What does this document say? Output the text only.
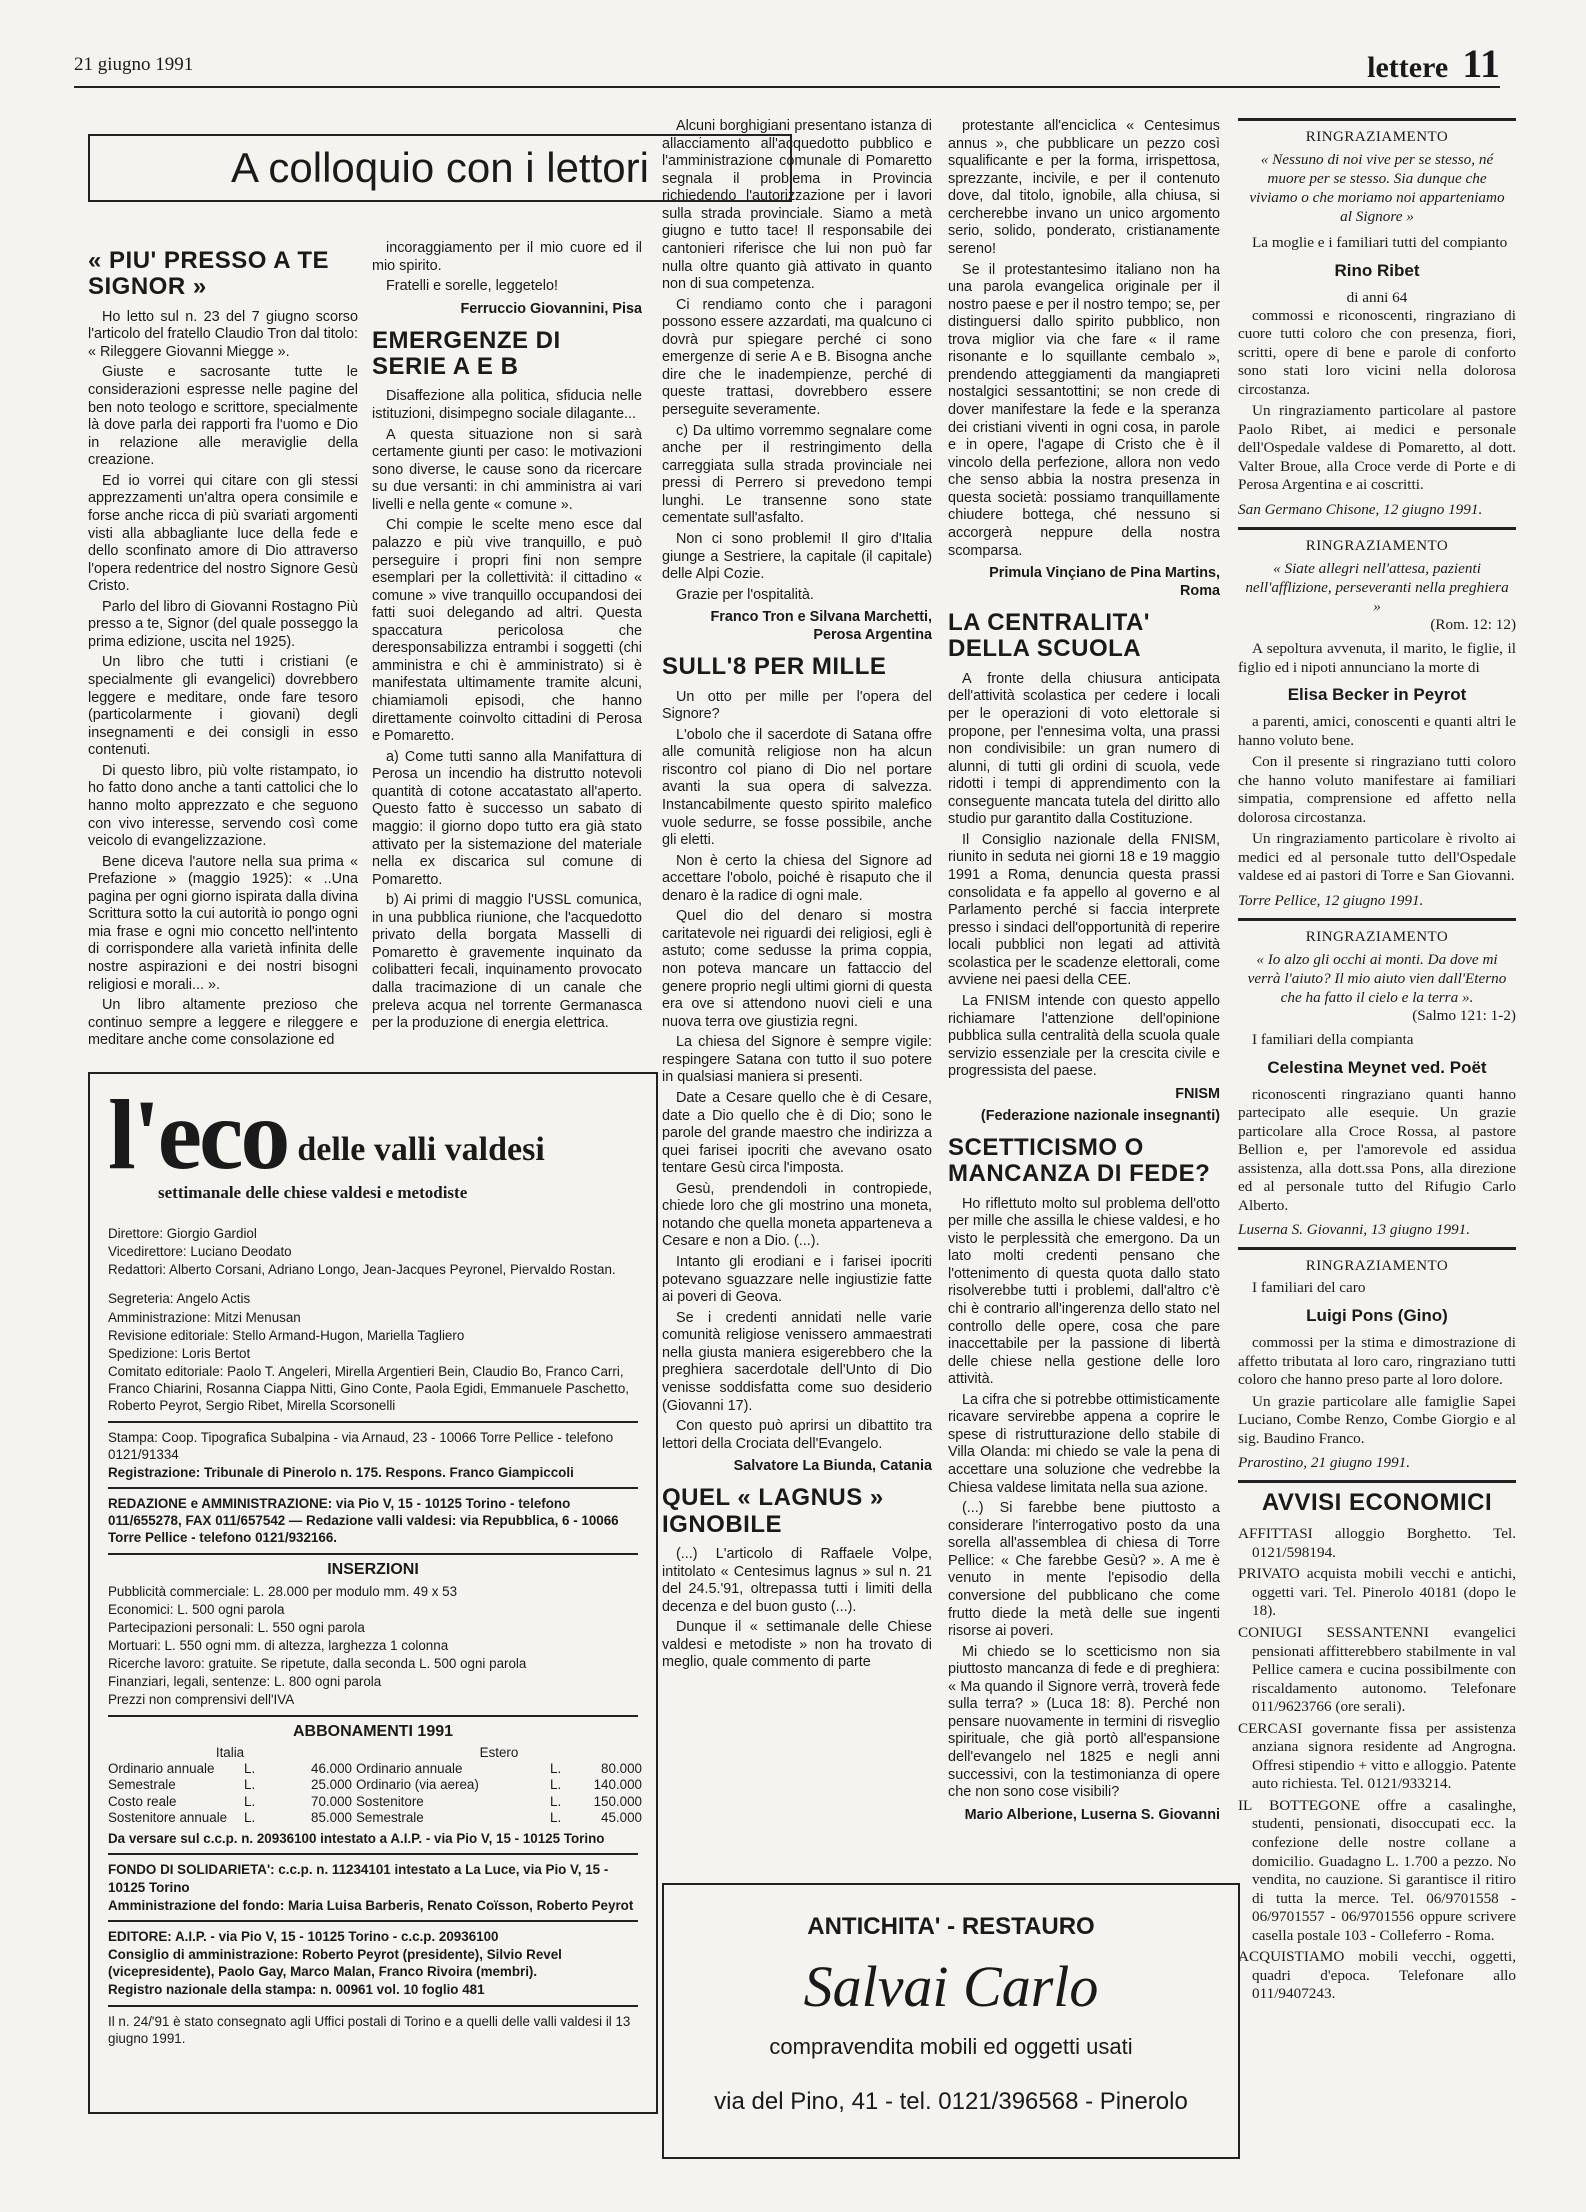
21 giugno 1991	lettere 11
A colloquio con i lettori
« PIU' PRESSO A TE SIGNOR »

Ho letto sul n. 23 del 7 giugno scorso l'articolo del fratello Claudio Tron dal titolo: « Rileggere Giovanni Miegge ».

Giuste e sacrosante tutte le considerazioni espresse nelle pagine del ben noto teologo e scrittore, specialmente là dove parla dei rapporti fra l'uomo e Dio in relazione alle meraviglie della creazione.

Ed io vorrei qui citare con gli stessi apprezzamenti un'altra opera consimile e forse anche ricca di più svariati argomenti visti alla abbagliante luce della fede e dello sconfinato amore di Dio attraverso l'opera redentrice del nostro Signore Gesù Cristo.

Parlo del libro di Giovanni Rostagno Più presso a te, Signor (del quale posseggo la prima edizione, uscita nel 1925).

Un libro che tutti i cristiani (e specialmente gli evangelici) dovrebbero leggere e meditare, onde fare tesoro (particolarmente i giovani) degli insegnamenti e dei consigli in esso contenuti.

Di questo libro, più volte ristampato, io ho fatto dono anche a tanti cattolici che lo hanno molto apprezzato e che seguono con vivo interesse, servendo così come veicolo di evangelizzazione.

Bene diceva l'autore nella sua prima « Prefazione » (maggio 1925): « ..Una pagina per ogni giorno ispirata dalla divina Scrittura sotto la cui autorità io pongo ogni mia frase e ogni mio concetto nell'intento di corrispondere alla varietà infinita delle nostre aspirazioni e dei nostri bisogni religiosi e morali... ».

Un libro altamente prezioso che continuo sempre a leggere e rileggere e meditare anche come consolazione ed

incoraggiamento per il mio cuore ed il mio spirito.

Fratelli e sorelle, leggetelo!

Ferruccio Giovannini, Pisa
EMERGENZE DI SERIE A E B

Disaffezione alla politica, sfiducia nelle istituzioni, disimpegno sociale dilagante...

A questa situazione non si sarà certamente giunti per caso: le motivazioni sono diverse, le cause sono da ricercare su due versanti: in chi amministra ai vari livelli e nella gente « comune ».

Chi compie le scelte meno esce dal palazzo e più vive tranquillo, e può perseguire i propri fini non sempre esemplari per la collettività: il cittadino « comune » vive tranquillo occupandosi dei fatti suoi delegando ad altri. Questa spaccatura pericolosa che deresponsabilizza entrambi i soggetti (chi amministra e chi è amministrato) si è manifestata ultimamente tramite alcuni, chiamiamoli episodi, che hanno direttamente coinvolto cittadini di Perosa e Pomaretto.

a) Come tutti sanno alla Manifattura di Perosa un incendio ha distrutto notevoli quantità di cotone accatastato all'aperto. Questo fatto è successo un sabato di maggio: il giorno dopo tutto era già stato attivato per la sistemazione del materiale nella ex discarica sul comune di Pomaretto.

b) Ai primi di maggio l'USSL comunica, in una pubblica riunione, che l'acquedotto privato della borgata Masselli di Pomaretto è gravemente inquinato da colibatteri fecali, inquinamento provocato dalla tracimazione di un canale che preleva acqua nel torrente Germanasca per la produzione di energia elettrica.

Alcuni borghigiani presentano istanza di allacciamento all'acquedotto pubblico e l'amministrazione comunale di Pomaretto segnala il problema in Provincia richiedendo l'autorizzazione per i lavori sulla strada provinciale. Siamo a metà giugno e tutto tace! Il responsabile dei cantonieri riferisce che lui non può far nulla oltre quanto già attivato in quanto non di sua competenza.

Ci rendiamo conto che i paragoni possono essere azzardati, ma qualcuno ci dovrà pur spiegare perché ci sono emergenze di serie A e B. Bisogna anche dire che le inadempienze, perché di queste trattasi, dovrebbero essere perseguite severamente.

c) Da ultimo vorremmo segnalare come anche per il restringimento della carreggiata sulla strada provinciale nei pressi di Perrero si prevedono tempi lunghi. Le transenne sono state cementate sull'asfalto.

Non ci sono problemi! Il giro d'Italia giunge a Sestriere, la capitale (il capitale) delle Alpi Cozie.

Grazie per l'ospitalità.

Franco Tron e Silvana Marchetti, Perosa Argentina
SULL'8 PER MILLE

Un otto per mille per l'opera del Signore?

L'obolo che il sacerdote di Satana offre alle comunità religiose non ha alcun riscontro col piano di Dio nel portare avanti la sua opera di salvezza. Instancabilmente questo spirito malefico vuole sedurre, se fosse possibile, anche gli eletti.

Non è certo la chiesa del Signore ad accettare l'obolo, poiché è risaputo che il denaro è la radice di ogni male.

Quel dio del denaro si mostra caritatevole nei riguardi dei religiosi, egli è astuto; come sedusse la prima coppia, non poteva mancare un fattaccio del genere proprio negli ultimi giorni di questa era ove si attendono nuovi cieli e una nuova terra ove giustizia regni.

La chiesa del Signore è sempre vigile: respingere Satana con tutto il suo potere in qualsiasi maniera si presenti.

Date a Cesare quello che è di Cesare, date a Dio quello che è di Dio; sono le parole del grande maestro che indirizza a quei farisei ipocriti che avevano osato tentare Gesù circa l'imposta.

Gesù, prendendoli in contropiede, chiede loro che gli mostrino una moneta, notando che quella moneta apparteneva a Cesare e non a Dio. (...).

Intanto gli erodiani e i farisei ipocriti potevano sguazzare nelle ingiustizie fatte ai poveri di Geova.

Se i credenti annidati nelle varie comunità religiose venissero ammaestrati nella giusta maniera esigerebbero che la preghiera sacerdotale dell'Unto di Dio venisse soddisfatta come suo desiderio (Giovanni 17).

Con questo può aprirsi un dibattito tra lettori della Crociata dell'Evangelo.

Salvatore La Biunda, Catania
QUEL « LAGNUS » IGNOBILE

(...) L'articolo di Raffaele Volpe, intitolato « Centesimus lagnus » sul n. 21 del 24.5.'91, oltrepassa tutti i limiti della decenza e del buon gusto (...).

Dunque il « settimanale delle Chiese valdesi e metodiste » non ha trovato di meglio, quale commento di parte

protestante all'enciclica « Centesimus annus », che pubblicare un pezzo così squalificante e per la forma, irrispettosa, sprezzante, incivile, e per il contenuto dove, dal titolo, ignobile, alla chiusa, si cercherebbe invano un unico argomento serio, solido, ponderato, cristianamente sereno!

Se il protestantesimo italiano non ha una parola evangelica originale per il nostro paese e per il nostro tempo; se, per distinguersi dallo spirito pubblico, non trova miglior via che fare « il rame risonante e lo squillante cembalo », prendendo atteggiamenti da mangiapreti nostalgici sessantottini; se non crede di dover manifestare la fede e la speranza dei cristiani viventi in ogni cosa, in parole e in opere, l'agape di Cristo che è il vincolo della perfezione, allora non vedo che senso abbia la nostra presenza in questa società: possiamo tranquillamente chiudere bottega, ché nessuno si accorgerà neppure della nostra scomparsa.

Primula Vinçiano de Pina Martins, Roma
LA CENTRALITA' DELLA SCUOLA

A fronte della chiusura anticipata dell'attività scolastica per cedere i locali per le operazioni di voto elettorale si propone, per l'ennesima volta, una prassi non condivisibile: un gran numero di alunni, di tutti gli ordini di scuola, vede ridotti i tempi di apprendimento con la conseguente mancata tutela del diritto allo studio pur garantito dalla Costituzione.

Il Consiglio nazionale della FNISM, riunito in seduta nei giorni 18 e 19 maggio 1991 a Roma, denuncia questa prassi consolidata e fa appello al governo e al Parlamento perché si faccia interprete presso i sindaci dell'opportunità di reperire locali pubblici non legati ad attività scolastica per le scadenze elettorali, come avviene nei paesi della CEE.

La FNISM intende con questo appello richiamare l'attenzione dell'opinione pubblica sulla centralità della scuola quale servizio essenziale per la crescita civile e progressista del paese.

FNISM
(Federazione nazionale insegnanti)
SCETTICISMO O MANCANZA DI FEDE?

Ho riflettuto molto sul problema dell'otto per mille che assilla le chiese valdesi, e ho visto le perplessità che emergono. Da un lato molti credenti pensano che l'ottenimento di questa quota dallo stato risolverebbe tutti i problemi, dall'altro c'è chi è contrario all'ingerenza dello stato nel controllo delle opere, cosa che pare inaccettabile per la passione di libertà delle chiese nella gestione delle loro attività.

La cifra che si potrebbe ottimisticamente ricavare servirebbe appena a coprire le spese di ristrutturazione dello stabile di Villa Olanda: mi chiedo se vale la pena di accettare una soluzione che vedrebbe la Chiesa valdese limitata nella sua azione.

(...) Si farebbe bene piuttosto a considerare l'interrogativo posto da una sorella all'assemblea di chiesa di Torre Pellice: « Che farebbe Gesù? ». A me è venuto in mente l'episodio della conversione del pubblicano che come frutto diede la metà delle sue ingenti risorse ai poveri.

Mi chiedo se lo scetticismo non sia piuttosto mancanza di fede e di preghiera: « Ma quando il Signore verrà, troverà fede sulla terra? » (Luca 18: 8). Perché non pensare nuovamente in termini di risveglio spirituale, che già portò all'espansione dell'evangelo nel 1825 e negli anni successivi, con la testimonianza di opere che non sono cose visibili?

Mario Alberione, Luserna S. Giovanni
RINGRAZIAMENTO
« Nessuno di noi vive per se stesso, né muore per se stesso. Sia dunque che viviamo o che moriamo noi apparteniamo al Signore »

La moglie e i familiari tutti del compianto

Rino Ribet
di anni 64

commossi e riconoscenti, ringraziano di cuore tutti coloro che con presenza, fiori, scritti, opere di bene e parole di conforto sono stati loro vicini nella dolorosa circostanza.

Un ringraziamento particolare al pastore Paolo Ribet, ai medici e personale dell'Ospedale valdese di Pomaretto, al dott. Valter Broue, alla Croce verde di Porte e di Perosa Argentina e ai coscritti.

San Germano Chisone, 12 giugno 1991.
RINGRAZIAMENTO
« Siate allegri nell'attesa, pazienti nell'afflizione, perseveranti nella preghiera »
(Rom. 12: 12)

A sepoltura avvenuta, il marito, le figlie, il figlio ed i nipoti annunciano la morte di

Elisa Becker in Peyrot

a parenti, amici, conoscenti e quanti altri le hanno voluto bene.

Con il presente si ringraziano tutti coloro che hanno voluto manifestare ai familiari simpatia, comprensione ed affetto nella dolorosa circostanza.

Un ringraziamento particolare è rivolto ai medici ed al personale tutto dell'Ospedale valdese ed ai pastori di Torre e San Giovanni.

Torre Pellice, 12 giugno 1991.
RINGRAZIAMENTO
« Io alzo gli occhi ai monti. Da dove mi verrà l'aiuto? Il mio aiuto vien dall'Eterno che ha fatto il cielo e la terra ».
(Salmo 121: 1-2)

I familiari della compianta

Celestina Meynet ved. Poët

riconoscenti ringraziano quanti hanno partecipato alle esequie. Un grazie particolare alla Croce Rossa, al pastore Bellion e, per l'amorevole ed assidua assistenza, alla dott.ssa Pons, alla direzione ed al personale tutto del Rifugio Carlo Alberto.

Luserna S. Giovanni, 13 giugno 1991.
RINGRAZIAMENTO

I familiari del caro

Luigi Pons (Gino)

commossi per la stima e dimostrazione di affetto tributata al loro caro, ringraziano tutti coloro che hanno preso parte al loro dolore.

Un grazie particolare alle famiglie Sapei Luciano, Combe Renzo, Combe Giorgio e al sig. Baudino Franco.

Prarostino, 21 giugno 1991.
AVVISI ECONOMICI

AFFITTASI alloggio Borghetto. Tel. 0121/598194.

PRIVATO acquista mobili vecchi e antichi, oggetti vari. Tel. Pinerolo 40181 (dopo le 18).

CONIUGI SESSANTENNI evangelici pensionati affitterebbero stabilmente in val Pellice camera e cucina possibilmente con riscaldamento autonomo. Telefonare 011/9623766 (ore serali).

CERCASI governante fissa per assistenza anziana signora residente ad Angrogna. Offresi stipendio + vitto e alloggio. Patente auto richiesta. Tel. 0121/933214.

IL BOTTEGONE offre a casalinghe, studenti, pensionati, disoccupati ecc. la confezione delle nostre collane a domicilio. Guadagno L. 1.700 a pezzo. No vendita, no cauzione. Si garantisce il ritiro di tutta la merce. Tel. 06/9701558 - 06/9701557 - 06/9701556 oppure scrivere casella postale 103 - Colleferro - Roma.

ACQUISTIAMO mobili vecchi, oggetti, quadri d'epoca. Telefonare allo 011/9407243.

l'eco delle valli valdesi
settimanale delle chiese valdesi e metodiste
Direttore: Giorgio Gardiol
Vicedirettore: Luciano Deodato
Redattori: Alberto Corsani, Adriano Longo, Jean-Jacques Peyronel, Piervaldo Rostan.
Segreteria: Angelo Actis
Amministrazione: Mitzi Menusan
Revisione editoriale: Stello Armand-Hugon, Mariella Tagliero
Spedizione: Loris Bertot
Comitato editoriale: Paolo T. Angeleri, Mirella Argentieri Bein, Claudio Bo, Franco Carri, Franco Chiarini, Rosanna Ciappa Nitti, Gino Conte, Paola Egidi, Emmanuele Paschetto, Roberto Peyrot, Sergio Ribet, Mirella Scorsonelli
Stampa: Coop. Tipografica Subalpina - via Arnaud, 23 - 10066 Torre Pellice - telefono 0121/91334
Registrazione: Tribunale di Pinerolo n. 175. Respons. Franco Giampiccoli
REDAZIONE e AMMINISTRAZIONE: via Pio V, 15 - 10125 Torino - telefono 011/655278, FAX 011/657542 — Redazione valli valdesi: via Repubblica, 6 - 10066 Torre Pellice - telefono 0121/932166.
INSERZIONI
Pubblicità commerciale: L. 28.000 per modulo mm. 49 x 53
Economici: L. 500 ogni parola
Partecipazioni personali: L. 550 ogni parola
Mortuari: L. 550 ogni mm. di altezza, larghezza 1 colonna
Ricerche lavoro: gratuite. Se ripetute, dalla seconda L. 500 ogni parola
Finanziari, legali, sentenze: L. 800 ogni parola
Prezzi non comprensivi dell'IVA
ABBONAMENTI 1991
Italia	Estero
Ordinario annuale	L.	46.000 Ordinario annuale	L.	80.000
Semestrale	L.	25.000 Ordinario (via aerea)	L.	140.000
Costo reale	L.	70.000 Sostenitore	L.	150.000
Sostenitore annuale	L.	85.000 Semestrale	L.	45.000
Da versare sul c.c.p. n. 20936100 intestato a A.I.P. - via Pio V, 15 - 10125 Torino
FONDO DI SOLIDARIETA': c.c.p. n. 11234101 intestato a La Luce, via Pio V, 15 - 10125 Torino
Amministrazione del fondo: Maria Luisa Barberis, Renato Coïsson, Roberto Peyrot
EDITORE: A.I.P. - via Pio V, 15 - 10125 Torino - c.c.p. 20936100
Consiglio di amministrazione: Roberto Peyrot (presidente), Silvio Revel (vicepresidente), Paolo Gay, Marco Malan, Franco Rivoira (membri).
Registro nazionale della stampa: n. 00961 vol. 10 foglio 481
Il n. 24/'91 è stato consegnato agli Uffici postali di Torino e a quelli delle valli valdesi il 13 giugno 1991.
ANTICHITA' - RESTAURO
Salvai Carlo
compravendita mobili ed oggetti usati
via del Pino, 41 - tel. 0121/396568 - Pinerolo
